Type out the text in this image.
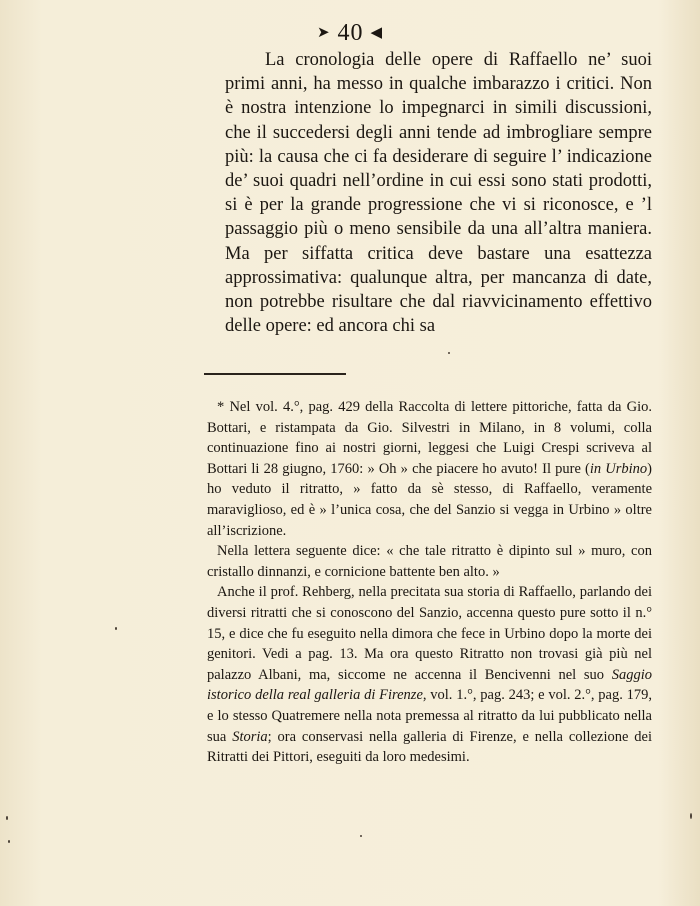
➤ 40 ◀

La cronologia delle opere di Raffaello ne’ suoi primi anni, ha messo in qualche imbarazzo i critici. Non è nostra intenzione lo impegnarci in simili discussioni, che il succedersi degli anni tende ad imbrogliare sempre più: la causa che ci fa desiderare di seguire l’ indicazione de’ suoi quadri nell’ordine in cui essi sono stati prodotti, si è per la grande progressione che vi si riconosce, e ’l passaggio più o meno sensibile da una all’altra maniera. Ma per siffatta critica deve bastare una esattezza approssimativa: qualunque altra, per mancanza di date, non potrebbe risultare che dal riavvicinamento effettivo delle opere: ed ancora chi sa

* Nel vol. 4.°, pag. 429 della Raccolta di lettere pittoriche, fatta da Gio. Bottari, e ristampata da Gio. Silvestri in Milano, in 8 volumi, colla continuazione fino ai nostri giorni, leggesi che Luigi Crespi scriveva al Bottari li 28 giugno, 1760: » Oh » che piacere ho avuto! Il pure (in Urbino) ho veduto il ritratto, » fatto da sè stesso, di Raffaello, veramente maraviglioso, ed è » l’unica cosa, che del Sanzio si vegga in Urbino » oltre all’iscrizione.

Nella lettera seguente dice: « che tale ritratto è dipinto sul » muro, con cristallo dinnanzi, e cornicione battente ben alto. »

Anche il prof. Rehberg, nella precitata sua storia di Raffaello, parlando dei diversi ritratti che si conoscono del Sanzio, accenna questo pure sotto il n.° 15, e dice che fu eseguito nella dimora che fece in Urbino dopo la morte dei genitori. Vedi a pag. 13. Ma ora questo Ritratto non trovasi già più nel palazzo Albani, ma, siccome ne accenna il Bencivenni nel suo Saggio istorico della real galleria di Firenze, vol. 1.°, pag. 243; e vol. 2.°, pag. 179, e lo stesso Quatremere nella nota premessa al ritratto da lui pubblicato nella sua Storia; ora conservasi nella galleria di Firenze, e nella collezione dei Ritratti dei Pittori, eseguiti da loro medesimi.
